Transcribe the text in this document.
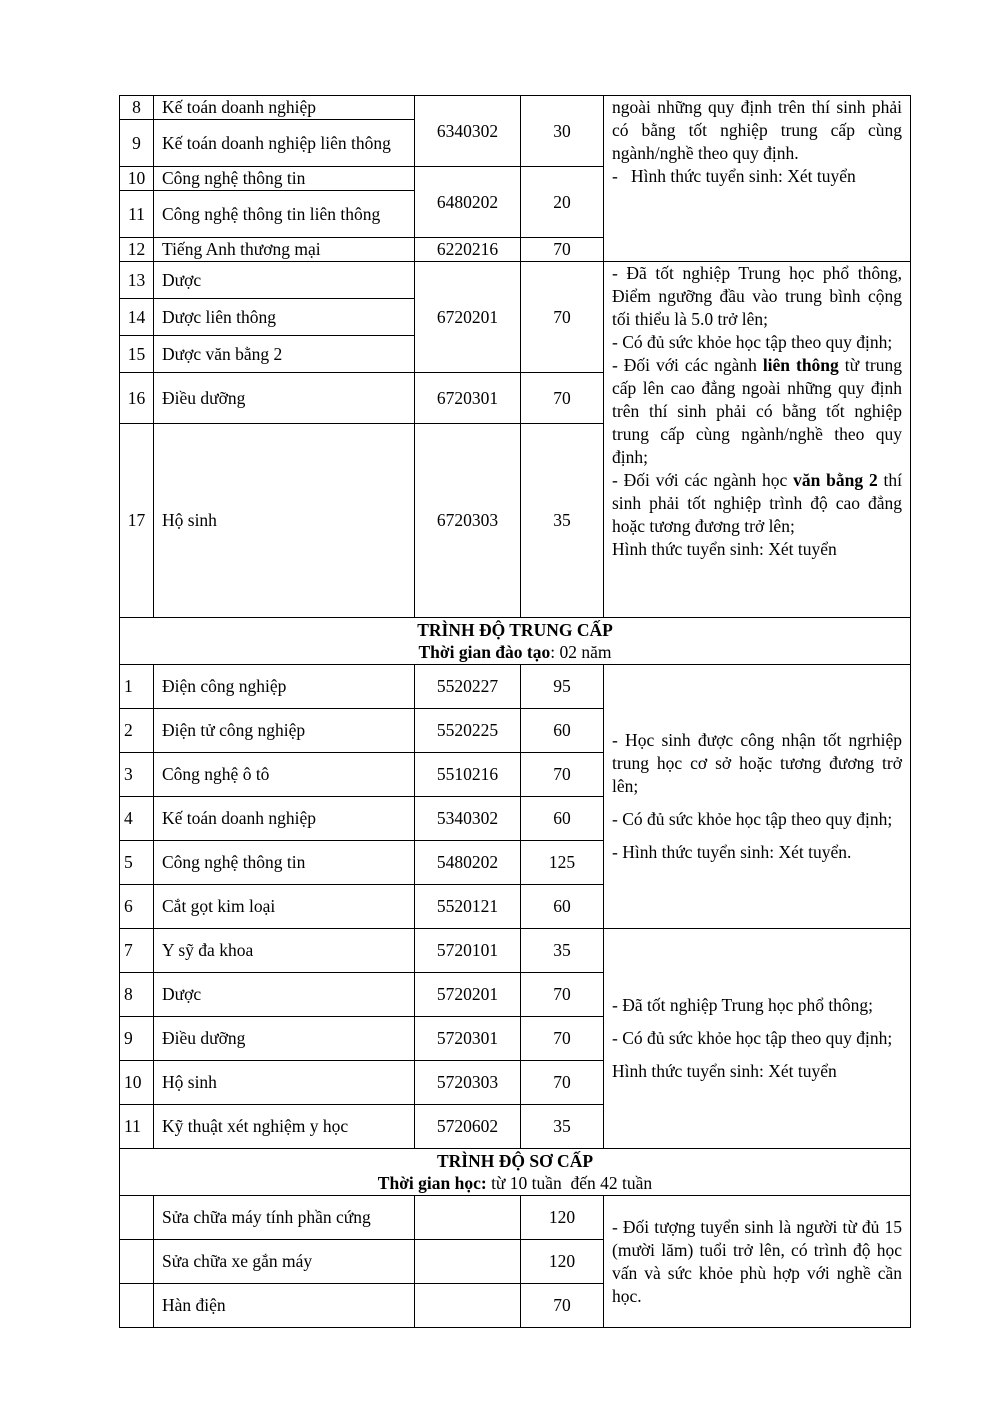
8	Kế toán doanh nghiệp	6340302	30	ngoài những quy định trên thí sinh phải có bằng tốt nghiệp trung cấp cùng ngành/nghề theo quy định.

-   Hình thức tuyển sinh: Xét tuyển

9	Kế toán doanh nghiệp liên thông			
10	Công nghệ thông tin	6480202	20	
11	Công nghệ thông tin liên thông			
12	Tiếng Anh thương mại	6220216	70	
13	Dược	6720201	70	- Đã tốt nghiệp Trung học phổ thông, Điểm ngưỡng đầu vào trung bình cộng tối thiểu là 5.0 trở lên;

- Có đủ sức khỏe học tập theo quy định;

- Đối với các ngành liên thông từ trung cấp lên cao đẳng ngoài những quy định trên thí sinh phải có bằng tốt nghiệp trung cấp cùng ngành/nghề theo quy định;

- Đối với các ngành học văn bằng 2 thí sinh phải tốt nghiệp trình độ cao đẳng hoặc tương đương trở lên;

Hình thức tuyển sinh: Xét tuyển

14	Dược liên thông			
15	Dược văn bằng 2			
16	Điều dưỡng	6720301	70	
17	Hộ sinh	6720303	35	

TRÌNH ĐỘ TRUNG CẤP
Thời gian đào tạo: 02 năm				

1	Điện công nghiệp	5520227	95	- Học sinh được công nhận tốt ngrhiệp trung học cơ sở hoặc tương đương trở lên;

- Có đủ sức khỏe học tập theo quy định;

- Hình thức tuyển sinh: Xét tuyển.

2	Điện tử công nghiệp	5520225	60	
3	Công nghệ ô tô	5510216	70	
4	Kế toán doanh nghiệp	5340302	60	
5	Công nghệ thông tin	5480202	125	
6	Cắt gọt kim loại	5520121	60	
7	Y sỹ đa khoa	5720101	35	- Đã tốt nghiệp Trung học phổ thông;

- Có đủ sức khỏe học tập theo quy định;

Hình thức tuyển sinh: Xét tuyển

8	Dược	5720201	70	
9	Điều dưỡng	5720301	70	
10	Hộ sinh	5720303	70	
11	Kỹ thuật xét nghiệm y học	5720602	35	

TRÌNH ĐỘ SƠ CẤP
Thời gian học: từ 10 tuần  đến 42 tuần				

	Sửa chữa máy tính phần cứng		120	- Đối tượng tuyển sinh là người từ đủ 15 (mười lăm) tuổi trở lên, có trình độ học vấn và sức khỏe phù hợp với nghề cần học.

	Sửa chữa xe gắn máy		120	
	Hàn điện		70	
